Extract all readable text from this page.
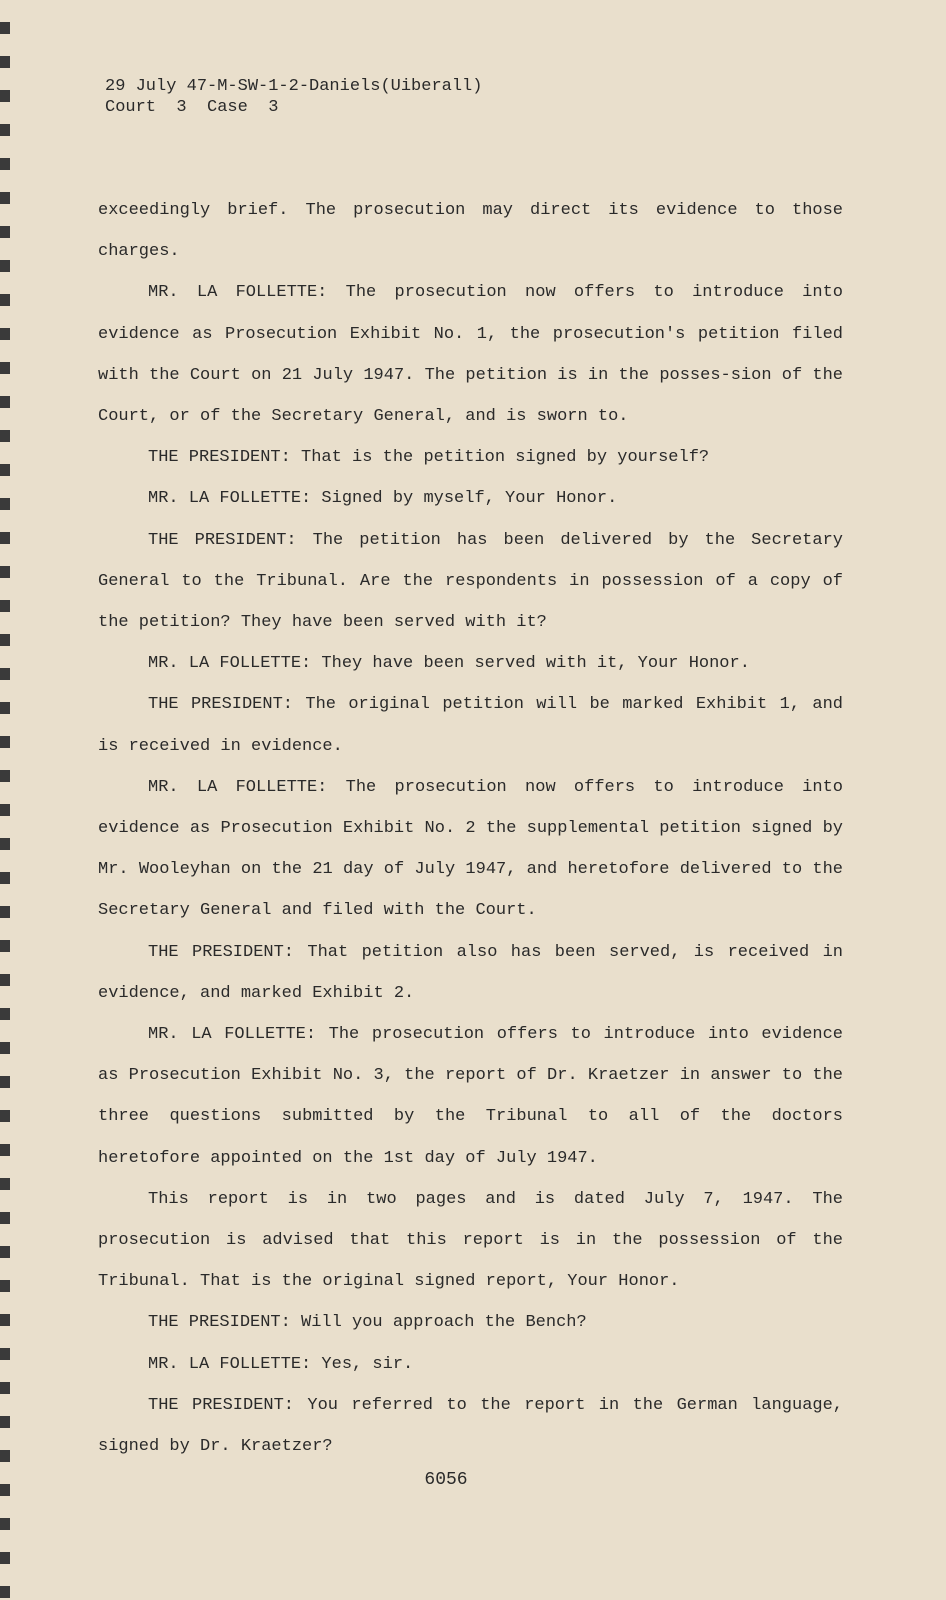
29 July 47-M-SW-1-2-Daniels(Uiberall)
Court  3  Case  3

exceedingly brief. The prosecution may direct its evidence to those charges.

MR. LA FOLLETTE: The prosecution now offers to introduce into evidence as Prosecution Exhibit No. 1, the prosecution's petition filed with the Court on 21 July 1947. The petition is in the posses-sion of the Court, or of the Secretary General, and is sworn to.

THE PRESIDENT: That is the petition signed by yourself?

MR. LA FOLLETTE: Signed by myself, Your Honor.

THE PRESIDENT: The petition has been delivered by the Secretary General to the Tribunal. Are the respondents in possession of a copy of the petition? They have been served with it?

MR. LA FOLLETTE: They have been served with it, Your Honor.

THE PRESIDENT: The original petition will be marked Exhibit 1, and is received in evidence.

MR. LA FOLLETTE: The prosecution now offers to introduce into evidence as Prosecution Exhibit No. 2 the supplemental petition signed by Mr. Wooleyhan on the 21 day of July 1947, and heretofore delivered to the Secretary General and filed with the Court.

THE PRESIDENT: That petition also has been served, is received in evidence, and marked Exhibit 2.

MR. LA FOLLETTE: The prosecution offers to introduce into evidence as Prosecution Exhibit No. 3, the report of Dr. Kraetzer in answer to the three questions submitted by the Tribunal to all of the doctors heretofore appointed on the 1st day of July 1947.

This report is in two pages and is dated July 7, 1947. The prosecution is advised that this report is in the possession of the Tribunal. That is the original signed report, Your Honor.

THE PRESIDENT: Will you approach the Bench?

MR. LA FOLLETTE: Yes, sir.

THE PRESIDENT: You referred to the report in the German language, signed by Dr. Kraetzer?

6056
